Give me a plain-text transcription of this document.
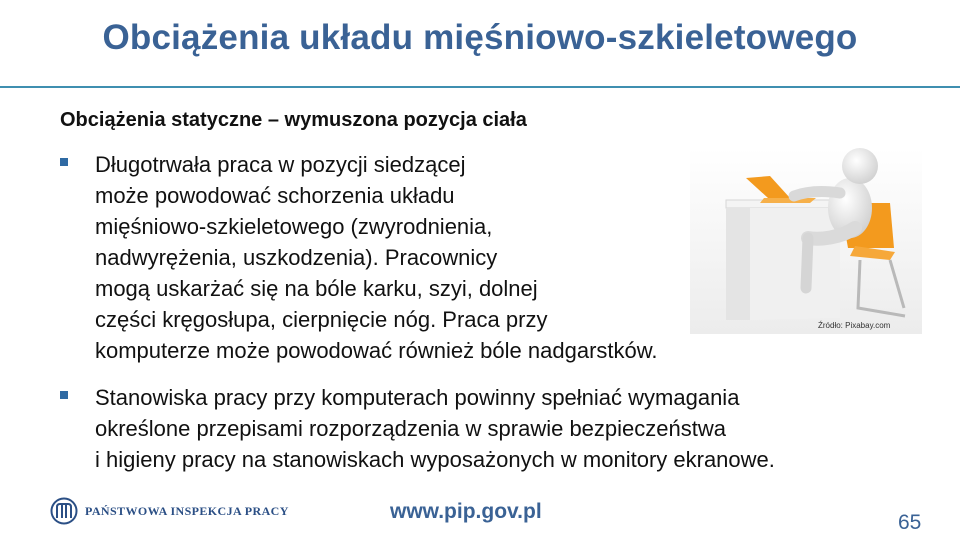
Obciążenia układu mięśniowo-szkieletowego
Obciążenia statyczne – wymuszona pozycja ciała
Długotrwała praca w pozycji siedzącej
może powodować schorzenia układu
mięśniowo-szkieletowego (zwyrodnienia,
nadwyrężenia, uszkodzenia). Pracownicy
mogą uskarżać się na bóle karku, szyi, dolnej
części kręgosłupa, cierpnięcie nóg. Praca przy
komputerze może powodować również bóle nadgarstków.
Źródło: Pixabay.com
Stanowiska pracy przy komputerach powinny spełniać wymagania
określone przepisami rozporządzenia w sprawie bezpieczeństwa
i higieny pracy na stanowiskach wyposażonych w monitory ekranowe.
PAŃSTWOWA INSPEKCJA PRACY	www.pip.gov.pl	65
